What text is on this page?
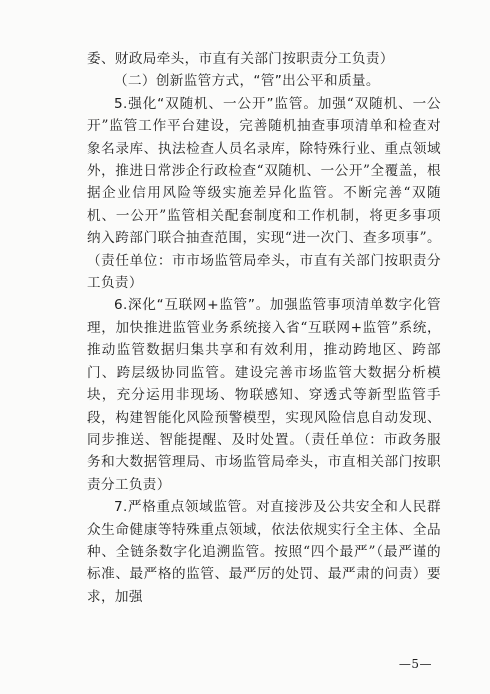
委、财政局牵头，市直有关部门按职责分工负责）

（二）创新监管方式，“管”出公平和质量。

5.强化“双随机、一公开”监管。加强“双随机、一公开”监管工作平台建设，完善随机抽查事项清单和检查对象名录库、执法检查人员名录库，除特殊行业、重点领域外，推进日常涉企行政检查“双随机、一公开”全覆盖，根据企业信用风险等级实施差异化监管。不断完善“双随机、一公开”监管相关配套制度和工作机制，将更多事项纳入跨部门联合抽查范围，实现“进一次门、查多项事”。（责任单位：市市场监管局牵头，市直有关部门按职责分工负责）

6.深化“互联网+监管”。加强监管事项清单数字化管理，加快推进监管业务系统接入省“互联网+监管”系统，推动监管数据归集共享和有效利用，推动跨地区、跨部门、跨层级协同监管。建设完善市场监管大数据分析模块，充分运用非现场、物联感知、穿透式等新型监管手段，构建智能化风险预警模型，实现风险信息自动发现、同步推送、智能提醒、及时处置。（责任单位：市政务服务和大数据管理局、市场监管局牵头，市直相关部门按职责分工负责）

7.严格重点领域监管。对直接涉及公共安全和人民群众生命健康等特殊重点领域，依法依规实行全主体、全品种、全链条数字化追溯监管。按照“四个最严”（最严谨的标准、最严格的监管、最严厉的处罚、最严肃的问责）要求，加强

—5—
